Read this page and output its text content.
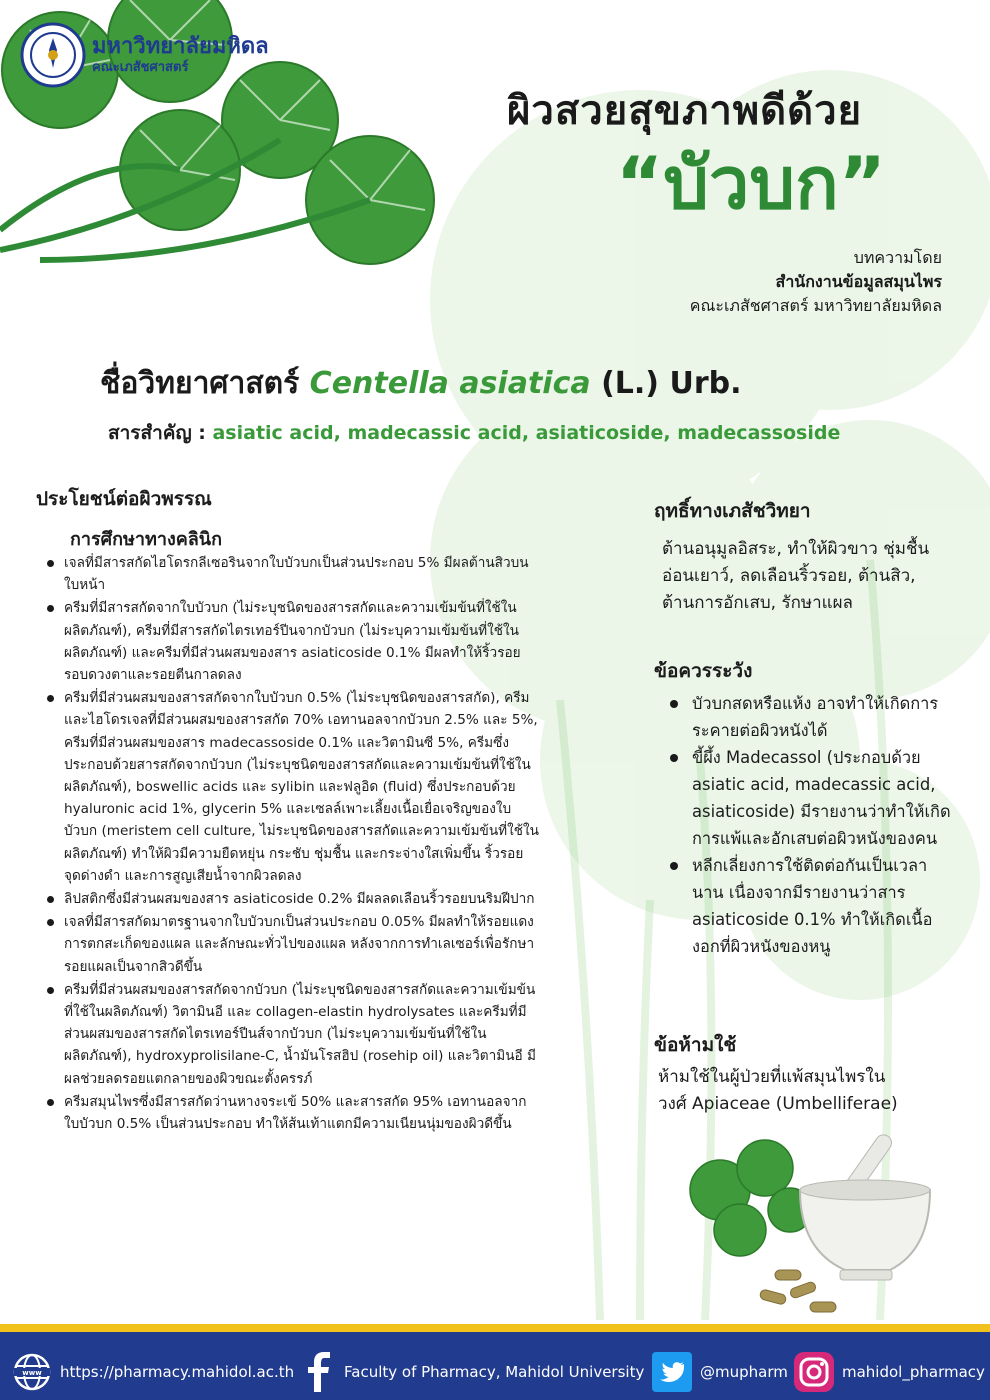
มหาวิทยาลัยมหิดล
คณะเภสัชศาสตร์
ผิวสวยสุขภาพดีด้วย
“บัวบก”
บทความโดย
สำนักงานข้อมูลสมุนไพร
คณะเภสัชศาสตร์ มหาวิทยาลัยมหิดล
ชื่อวิทยาศาสตร์ Centella asiatica (L.) Urb.
สารสำคัญ : asiatic acid, madecassic acid, asiaticoside, madecassoside
ประโยชน์ต่อผิวพรรณ
การศึกษาทางคลินิก
เจลที่มีสารสกัดไฮโดรกลีเซอรินจากใบบัวบกเป็นส่วนประกอบ 5% มีผลต้านสิวบนใบหน้า
ครีมที่มีสารสกัดจากใบบัวบก (ไม่ระบุชนิดของสารสกัดและความเข้มข้นที่ใช้ในผลิตภัณฑ์), ครีมที่มีสารสกัดไตรเทอร์ปีนจากบัวบก (ไม่ระบุความเข้มข้นที่ใช้ในผลิตภัณฑ์) และครีมที่มีส่วนผสมของสาร asiaticoside 0.1% มีผลทำให้ริ้วรอยรอบดวงตาและรอยตีนกาลดลง
ครีมที่มีส่วนผสมของสารสกัดจากใบบัวบก 0.5% (ไม่ระบุชนิดของสารสกัด), ครีมและไฮโดรเจลที่มีส่วนผสมของสารสกัด 70% เอทานอลจากบัวบก 2.5% และ 5%, ครีมที่มีส่วนผสมของสาร madecassoside 0.1% และวิตามินซี 5%, ครีมซึ่งประกอบด้วยสารสกัดจากบัวบก (ไม่ระบุชนิดของสารสกัดและความเข้มข้นที่ใช้ในผลิตภัณฑ์), boswellic acids และ sylibin และฟลูอิด (fluid) ซึ่งประกอบด้วย hyaluronic acid 1%, glycerin 5% และเซลล์เพาะเลี้ยงเนื้อเยื่อเจริญของใบบัวบก (meristem cell culture, ไม่ระบุชนิดของสารสกัดและความเข้มข้นที่ใช้ในผลิตภัณฑ์) ทำให้ผิวมีความยืดหยุ่น กระชับ ชุ่มชื้น และกระจ่างใสเพิ่มขึ้น ริ้วรอย จุดด่างดำ และการสูญเสียน้ำจากผิวลดลง
ลิปสติกซึ่งมีส่วนผสมของสาร asiaticoside 0.2% มีผลลดเลือนริ้วรอยบนริมฝีปาก
เจลที่มีสารสกัดมาตรฐานจากใบบัวบกเป็นส่วนประกอบ 0.05% มีผลทำให้รอยแดง การตกสะเก็ดของแผล และลักษณะทั่วไปของแผล หลังจากการทำเลเซอร์เพื่อรักษารอยแผลเป็นจากสิวดีขึ้น
ครีมที่มีส่วนผสมของสารสกัดจากบัวบก (ไม่ระบุชนิดของสารสกัดและความเข้มข้นที่ใช้ในผลิตภัณฑ์) วิตามินอี และ collagen-elastin hydrolysates และครีมที่มีส่วนผสมของสารสกัดไตรเทอร์ปีนส์จากบัวบก (ไม่ระบุความเข้มข้นที่ใช้ในผลิตภัณฑ์), hydroxyprolisilane-C, น้ำมันโรสฮิป (rosehip oil) และวิตามินอี มีผลช่วยลดรอยแตกลายของผิวขณะตั้งครรภ์
ครีมสมุนไพรซึ่งมีสารสกัดว่านหางจระเข้ 50% และสารสกัด 95% เอทานอลจากใบบัวบก 0.5% เป็นส่วนประกอบ ทำให้ส้นเท้าแตกมีความเนียนนุ่มของผิวดีขึ้น
ฤทธิ์ทางเภสัชวิทยา
ต้านอนุมูลอิสระ, ทำให้ผิวขาว ชุ่มชื้น อ่อนเยาว์, ลดเลือนริ้วรอย, ต้านสิว, ต้านการอักเสบ, รักษาแผล
ข้อควรระวัง
บัวบกสดหรือแห้ง อาจทำให้เกิดการระคายต่อผิวหนังได้
ขี้ผึ้ง Madecassol (ประกอบด้วย asiatic acid, madecassic acid, asiaticoside) มีรายงานว่าทำให้เกิดการแพ้และอักเสบต่อผิวหนังของคน
หลีกเลี่ยงการใช้ติดต่อกันเป็นเวลานาน เนื่องจากมีรายงานว่าสาร asiaticoside 0.1% ทำให้เกิดเนื้องอกที่ผิวหนังของหนู
ข้อห้ามใช้
ห้ามใช้ในผู้ป่วยที่แพ้สมุนไพรในวงศ์ Apiaceae (Umbelliferae)
www https://pharmacy.mahidol.ac.th	Faculty of Pharmacy, Mahidol University	@mupharm	mahidol_pharmacy
